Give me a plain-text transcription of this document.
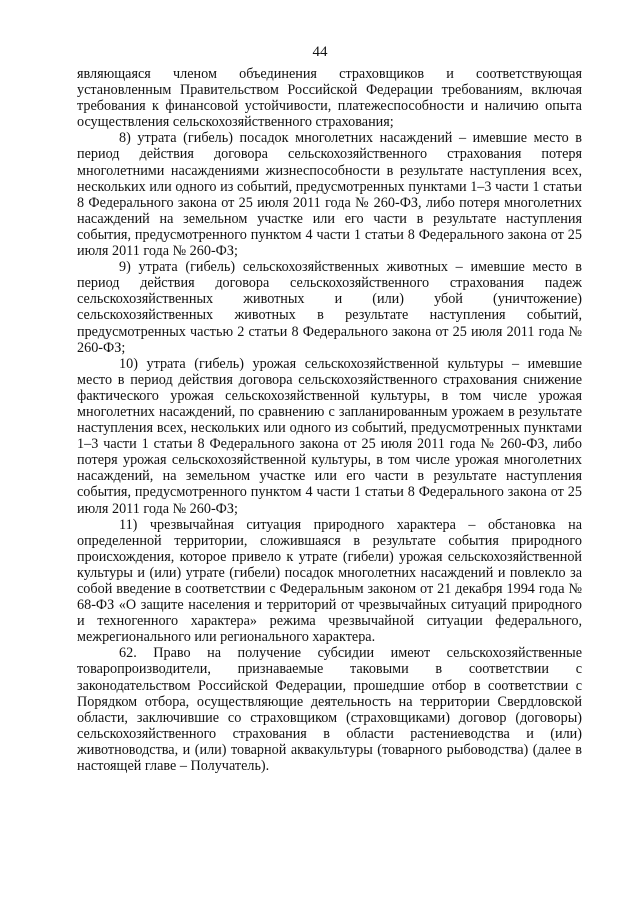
44

являющаяся членом объединения страховщиков и соответствующая установленным Правительством Российской Федерации требованиям, включая требования к финансовой устойчивости, платежеспособности и наличию опыта осуществления сельскохозяйственного страхования;

8) утрата (гибель) посадок многолетних насаждений – имевшие место в период действия договора сельскохозяйственного страхования потеря многолетними насаждениями жизнеспособности в результате наступления всех, нескольких или одного из событий, предусмотренных пунктами 1–3 части 1 статьи 8 Федерального закона от 25 июля 2011 года № 260-ФЗ, либо потеря многолетних насаждений на земельном участке или его части в результате наступления события, предусмотренного пунктом 4 части 1 статьи 8 Федерального закона от 25 июля 2011 года № 260-ФЗ;

9) утрата (гибель) сельскохозяйственных животных – имевшие место в период действия договора сельскохозяйственного страхования падеж сельскохозяйственных животных и (или) убой (уничтожение) сельскохозяйственных животных в результате наступления событий, предусмотренных частью 2 статьи 8 Федерального закона от 25 июля 2011 года № 260-ФЗ;

10) утрата (гибель) урожая сельскохозяйственной культуры – имевшие место в период действия договора сельскохозяйственного страхования снижение фактического урожая сельскохозяйственной культуры, в том числе урожая многолетних насаждений, по сравнению с запланированным урожаем в результате наступления всех, нескольких или одного из событий, предусмотренных пунктами 1–3 части 1 статьи 8 Федерального закона от 25 июля 2011 года № 260-ФЗ, либо потеря урожая сельскохозяйственной культуры, в том числе урожая многолетних насаждений, на земельном участке или его части в результате наступления события, предусмотренного пунктом 4 части 1 статьи 8 Федерального закона от 25 июля 2011 года № 260-ФЗ;

11) чрезвычайная ситуация природного характера – обстановка на определенной территории, сложившаяся в результате события природного происхождения, которое привело к утрате (гибели) урожая сельскохозяйственной культуры и (или) утрате (гибели) посадок многолетних насаждений и повлекло за собой введение в соответствии с Федеральным законом от 21 декабря 1994 года № 68-ФЗ «О защите населения и территорий от чрезвычайных ситуаций природного и техногенного характера» режима чрезвычайной ситуации федерального, межрегионального или регионального характера.

62. Право на получение субсидии имеют сельскохозяйственные товаропроизводители, признаваемые таковыми в соответствии с законодательством Российской Федерации, прошедшие отбор в соответствии с Порядком отбора, осуществляющие деятельность на территории Свердловской области, заключившие со страховщиком (страховщиками) договор (договоры) сельскохозяйственного страхования в области растениеводства и (или) животноводства, и (или) товарной аквакультуры (товарного рыбоводства) (далее в настоящей главе – Получатель).
